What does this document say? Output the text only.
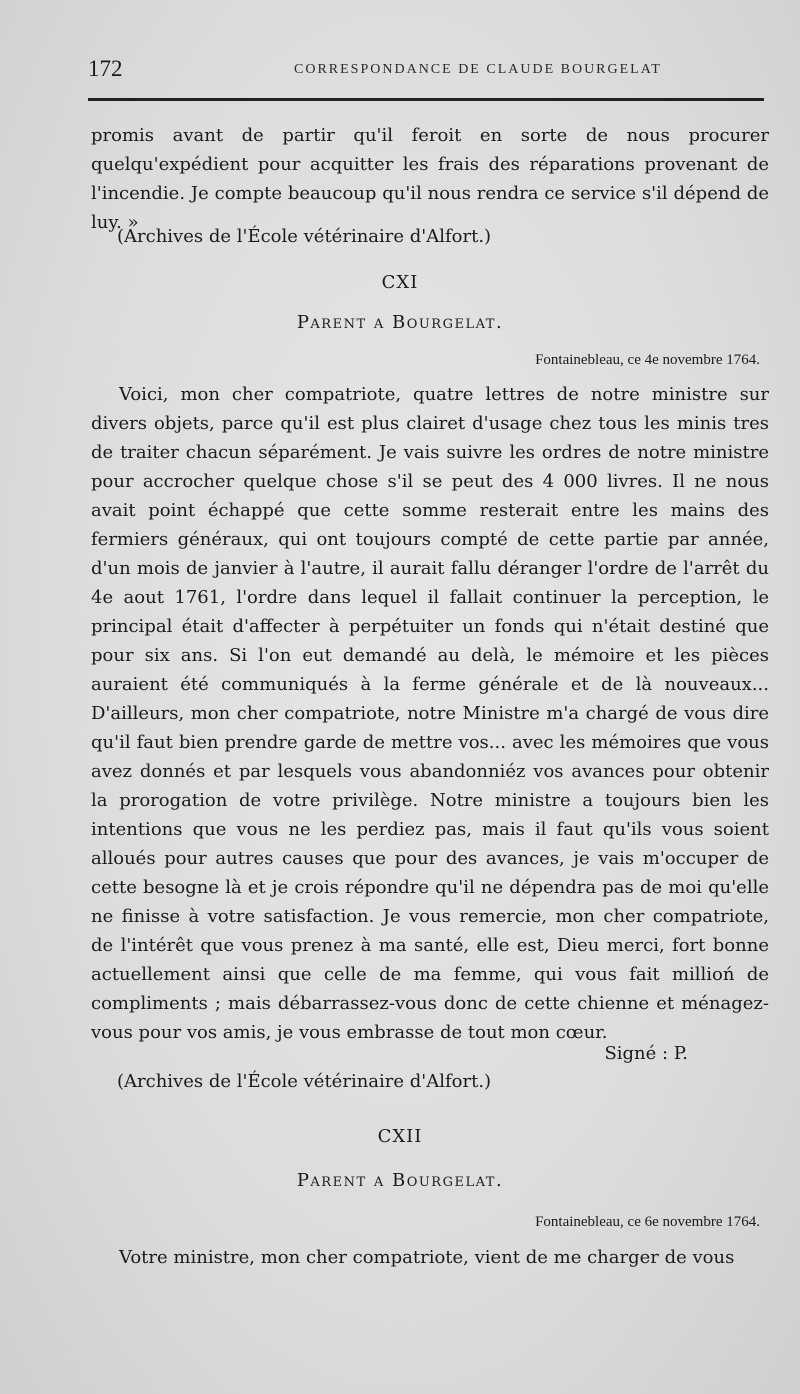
172	CORRESPONDANCE DE CLAUDE BOURGELAT

promis avant de partir qu'il feroit en sorte de nous procurer quelqu'expédient pour acquitter les frais des réparations provenant de l'incendie. Je compte beaucoup qu'il nous rendra ce service s'il dépend de luy. »

(Archives de l'École vétérinaire d'Alfort.)
CXI
Parent a Bourgelat.
Fontainebleau, ce 4e novembre 1764.

Voici, mon cher compatriote, quatre lettres de notre ministre sur divers objets, parce qu'il est plus clairet d'usage chez tous les minis tres de traiter chacun séparément. Je vais suivre les ordres de notre ministre pour accrocher quelque chose s'il se peut des 4 000 livres. Il ne nous avait point échappé que cette somme resterait entre les mains des fermiers généraux, qui ont toujours compté de cette partie par année, d'un mois de janvier à l'autre, il aurait fallu déranger l'ordre de l'arrêt du 4e aout 1761, l'ordre dans lequel il fallait continuer la perception, le principal était d'affecter à perpétuiter un fonds qui n'était destiné que pour six ans. Si l'on eut demandé au delà, le mémoire et les pièces auraient été communiqués à la ferme générale et de là nouveaux... D'ailleurs, mon cher compatriote, notre Ministre m'a chargé de vous dire qu'il faut bien prendre garde de mettre vos... avec les mémoires que vous avez donnés et par lesquels vous abandonniéz vos avances pour obtenir la prorogation de votre privilège. Notre ministre a toujours bien les intentions que vous ne les perdiez pas, mais il faut qu'ils vous soient alloués pour autres causes que pour des avances, je vais m'occuper de cette besogne là et je crois répondre qu'il ne dépendra pas de moi qu'elle ne finisse à votre satisfaction. Je vous remercie, mon cher compatriote, de l'intérêt que vous prenez à ma santé, elle est, Dieu merci, fort bonne actuellement ainsi que celle de ma femme, qui vous fait millioń de compliments ; mais débarrassez-vous donc de cette chienne et ménagez-vous pour vos amis, je vous embrasse de tout mon cœur.

Signé : P.
(Archives de l'École vétérinaire d'Alfort.)
CXII
Parent a Bourgelat.
Fontainebleau, ce 6e novembre 1764.

Votre ministre, mon cher compatriote, vient de me charger de vous
